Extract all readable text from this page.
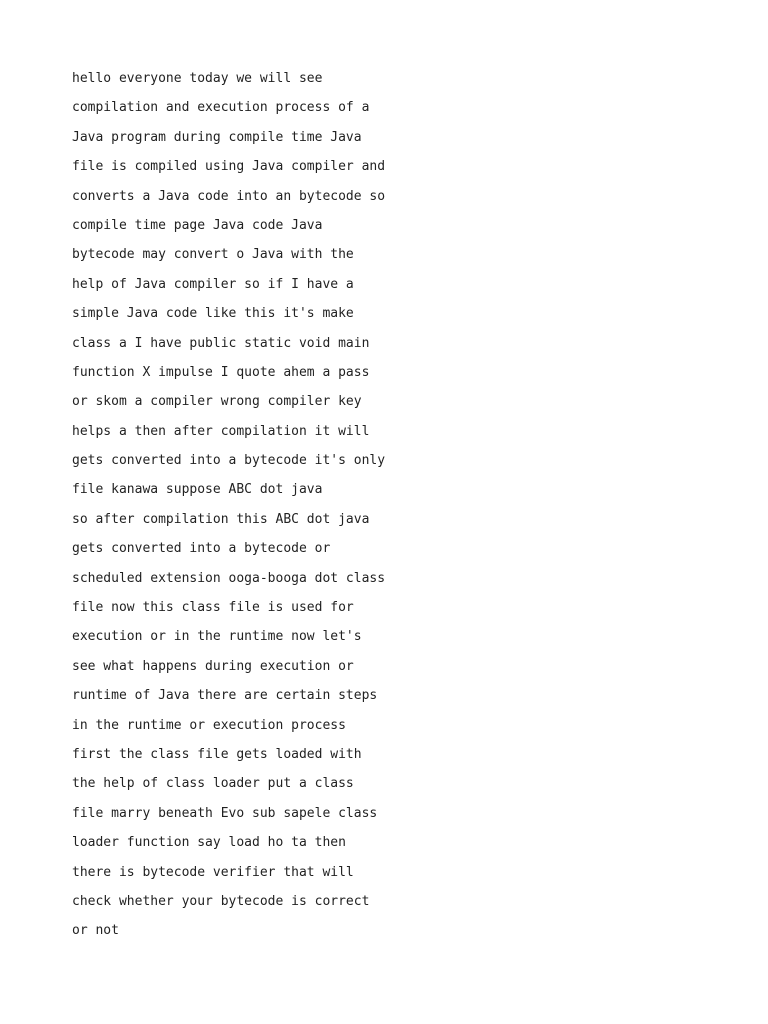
hello everyone today we will see
compilation and execution process of a
Java program during compile time Java
file is compiled using Java compiler and
converts a Java code into an bytecode so
compile time page Java code Java
bytecode may convert o Java with the
help of Java compiler so if I have a
simple Java code like this it's make
class a I have public static void main
function X impulse I quote ahem a pass
or skom a compiler wrong compiler key
helps a then after compilation it will
gets converted into a bytecode it's only
file kanawa suppose ABC dot java
so after compilation this ABC dot java
gets converted into a bytecode or
scheduled extension ooga-booga dot class
file now this class file is used for
execution or in the runtime now let's
see what happens during execution or
runtime of Java there are certain steps
in the runtime or execution process
first the class file gets loaded with
the help of class loader put a class
file marry beneath Evo sub sapele class
loader function say load ho ta then
there is bytecode verifier that will
check whether your bytecode is correct
or not
